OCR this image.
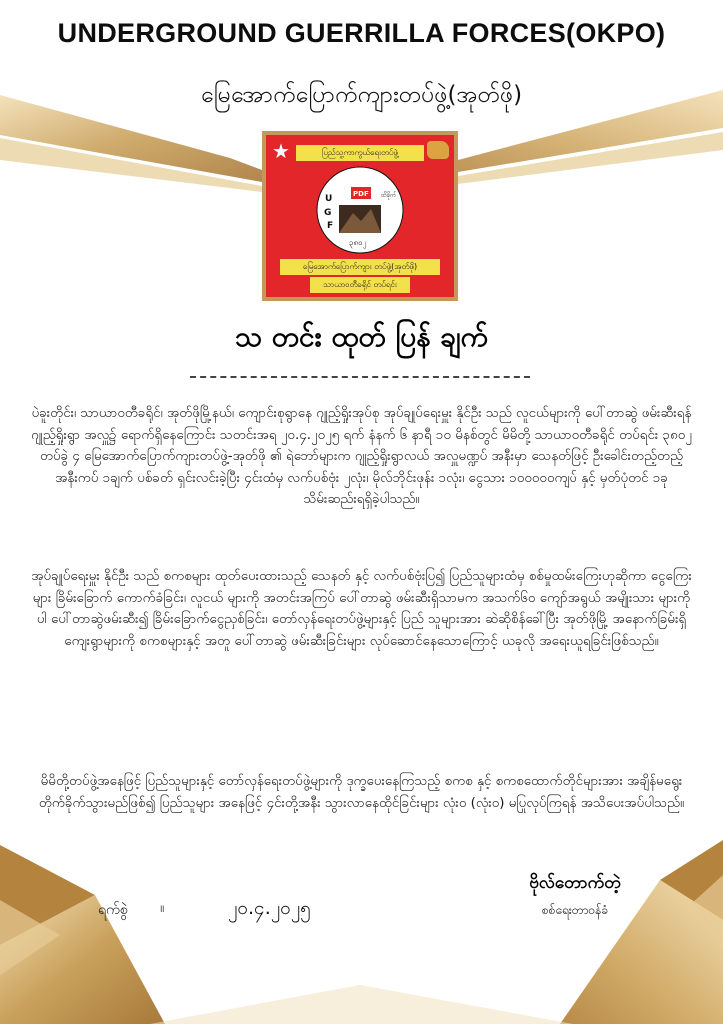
UNDERGROUND GUERRILLA FORCES(OKPO)
မြေအောက်ပြောက်ကျားတပ်ဖွဲ့(အုတ်ဖို)
★	ပြည်သူ့ကာကွယ်ရေးတပ်ဖွဲ့
U
G
F
PDF ထိခိုက်
၃၈၀၂
မြေအောက်ပြောက်ကျား တပ်ဖွဲ့(အုတ်ဖို)
သာယာဝတီခရိုင် တပ်ရင်း
သ တင်း ထုတ် ပြန် ချက်
ပဲခူးတိုင်း၊ သာယာဝတီခရိုင်၊ အုတ်ဖိုမြို့နယ်၊ ကျောင်းစုရွာနေ ဂျုည့်ရှိုးအုပ်စု အုပ်ချုပ်ရေးမှူး နိုင်ဦး သည် လူငယ်များကို ပေါ်တာဆွဲ ဖမ်းဆီးရန် ဂျုည့်ရှိုးရွာ အလှူ၌ ရောက်ရှိနေကြောင်း သတင်းအရ ၂၀.၄.၂၀၂၅ ရက် နံနက် ၆ နာရီ ၁၀ မိနစ်တွင် မိမိတို့ သာယာဝတီခရိုင် တပ်ရင်း ၃၈၀၂ တပ်ခွဲ ၄ မြေအောက်ပြောက်ကျားတပ်ဖွဲ့-အုတ်ဖို ၏ ရဲဘော်များက ဂျုည့်ရှိုးရွာလယ် အလှူမဏ္ဍပ် အနီးမှာ သေနတ်ဖြင့် ဦးခေါင်းတည့်တည့် အနီးကပ် ၁ချက် ပစ်ခတ် ရှင်းလင်းခဲ့ပြီး ၄င်းထံမှ လက်ပစ်ဗုံး ၂လုံး၊ မိုလ်ဘိုင်းဖုန်း ၁လုံး၊ ငွေသား ၁၀၀၀၀၀ကျပ် နှင့် မှတ်ပုံတင် ၁ခု သိမ်းဆည်းရရှိခဲ့ပါသည်။
အုပ်ချုပ်ရေးမှူး နိုင်ဦး သည် စကစများ ထုတ်ပေးထားသည့် သေနတ် နှင့် လက်ပစ်ဗုံးပြ၍ ပြည်သူများထံမှ စစ်မှုထမ်းကြေးဟုဆိုကာ ငွေကြေးများ ခြိမ်းခြောက် ကောက်ခံခြင်း၊ လူငယ် များကို အတင်းအကြပ် ပေါ်တာဆွဲ ဖမ်းဆီးရှိသာမက အသက်၆၀ ကျော်အရွယ် အမျိုးသား များကိုပါ ပေါ်တာဆွဲဖမ်းဆီး၍ ခြိမ်းခြောက်ငွေညှစ်ခြင်း၊ တော်လှန်ရေးတပ်ဖွဲ့များနှင့် ပြည် သူများအား ဆဲဆိုစိန်ခေါ်ပြီး အုတ်ဖိုမြို့ အနောက်ခြမ်းရှိ ကျေးရွာများကို စကစများနှင့် အတူ ပေါ်တာဆွဲ ဖမ်းဆီးခြင်းများ လုပ်ဆောင်နေသောကြောင့် ယခုလို အရေးယူရခြင်းဖြစ်သည်။
မိမိတို့တပ်ဖွဲ့အနေဖြင့် ပြည်သူများနှင့် တော်လှန်ရေးတပ်ဖွဲ့များကို ဒုက္ခပေးနေကြသည့် စကစ နှင့် စကစထောက်တိုင်များအား အချိန်မရွေး တိုက်ခိုက်သွားမည်ဖြစ်၍ ပြည်သူများ အနေဖြင့် ၄င်းတို့အနီး သွားလာနေထိုင်ခြင်းများ လုံးဝ (လုံးဝ) မပြုလုပ်ကြရန် အသိပေးအပ်ပါသည်။
ရက်စွဲ ။	၂၀.၄.၂၀၂၅
ဗိုလ်တောက်တဲ့
စစ်ရေးတာဝန်ခံ
